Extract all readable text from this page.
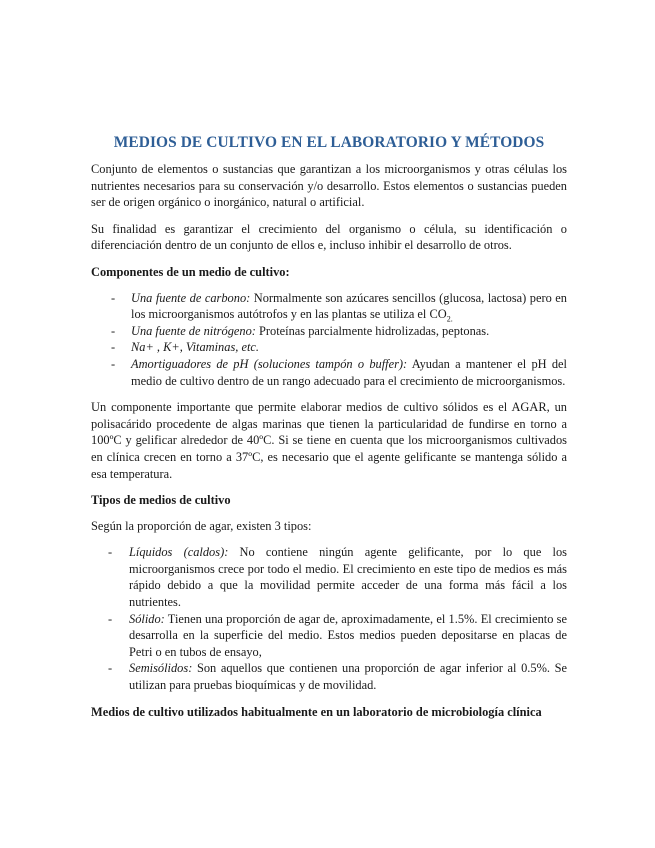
MEDIOS DE CULTIVO EN EL LABORATORIO Y MÉTODOS

Conjunto de elementos o sustancias que garantizan a los microorganismos y otras células los nutrientes necesarios para su conservación y/o desarrollo. Estos elementos o sustancias pueden ser de origen orgánico o inorgánico, natural o artificial.

Su finalidad es garantizar el crecimiento del organismo o célula, su identificación o diferenciación dentro de un conjunto de ellos e, incluso inhibir el desarrollo de otros.

Componentes de un medio de cultivo:

- Una fuente de carbono: Normalmente son azúcares sencillos (glucosa, lactosa) pero en los microorganismos autótrofos y en las plantas se utiliza el $CO_{2.}$
- Una fuente de nitrógeno: Proteínas parcialmente hidrolizadas, peptonas.
- Na+ , K+, Vitaminas, etc.
- Amortiguadores de pH (soluciones tampón o buffer): Ayudan a mantener el pH del medio de cultivo dentro de un rango adecuado para el crecimiento de microorganismos.

Un componente importante que permite elaborar medios de cultivo sólidos es el AGAR, un polisacárido procedente de algas marinas que tienen la particularidad de fundirse en torno a 100ºC y gelificar alrededor de 40ºC. Si se tiene en cuenta que los microorganismos cultivados en clínica crecen en torno a 37ºC, es necesario que el agente gelificante se mantenga sólido a esa temperatura.

Tipos de medios de cultivo

Según la proporción de agar, existen 3 tipos:

- Líquidos (caldos): No contiene ningún agente gelificante, por lo que los microorganismos crece por todo el medio. El crecimiento en este tipo de medios es más rápido debido a que la movilidad permite acceder de una forma más fácil a los nutrientes.
- Sólido: Tienen una proporción de agar de, aproximadamente, el 1.5%. El crecimiento se desarrolla en la superficie del medio. Estos medios pueden depositarse en placas de Petri o en tubos de ensayo,
- Semisólidos: Son aquellos que contienen una proporción de agar inferior al 0.5%. Se utilizan para pruebas bioquímicas y de movilidad.

Medios de cultivo utilizados habitualmente en un laboratorio de microbiología clínica
